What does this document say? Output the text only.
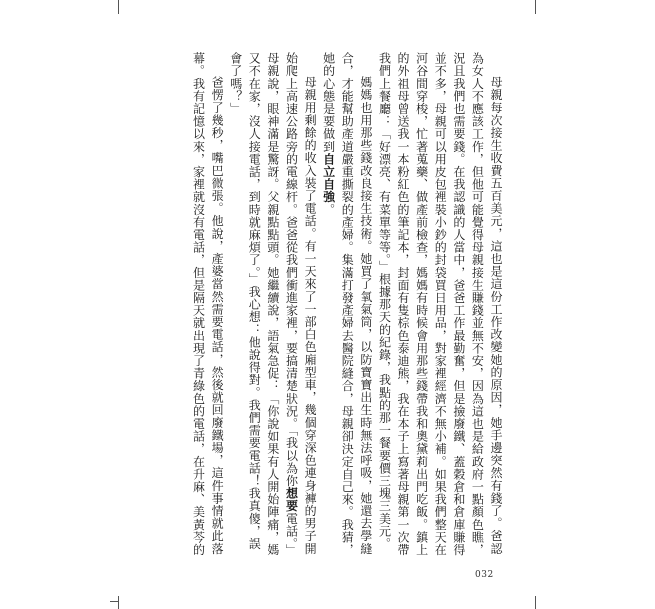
母親每次接生收費五百美元，這也是這份工作改變她的原因，她手邊突然有錢了。爸認為女人不應該工作，但他可能覺得母親接生賺錢並無不安，因為這也是給政府一點顏色瞧，況且我們也需要錢。在我認識的人當中，爸爸工作最勤奮，但是撿廢鐵、蓋穀倉和倉庫賺得並不多，母親可以用皮包裡裝小鈔的封袋買日用品，對家裡經濟不無小補。如果我們整天在河谷間穿梭，忙著蒐藥、做產前檢查，媽媽有時候會用那些錢帶我和奧黛莉出門吃飯。鎮上的外祖母曾送我一本粉紅色的筆記本，封面有隻棕色泰迪熊，我在本子上寫著母親第一次帶我們上餐廳：「好漂亮、有菜單等等。」根據那天的紀錄，我點的那一餐要價三塊三美元。

媽媽也用那些錢改良接生技術。她買了氧氣筒，以防寶寶出生時無法呼吸，她還去學縫合，才能幫助產道嚴重撕裂的產婦。集滿打發產婦去醫院縫合，母親卻決定自己來。我猜，她的心態是要做到自立自強。

母親用剩餘的收入裝了電話。有一天來了一部白色廂型車，幾個穿深色連身褲的男子開始爬上高速公路旁的電線杆。爸爸從我們衝進家裡，要搞清楚狀況。「我以為你想要電話。」母親說，眼神滿是驚訝。父親點點頭。她繼續說，語氣急促：「你說如果有人開始陣痛，媽又不在家，沒人接電話，到時就麻煩了。」我心想：他說得對。我們需要電話！我真傻，誤會了嗎？」

爸愣了幾秒，嘴巴微張。他說，產婆當然需要電話，然後就回廢鐵場，這件事情就此落幕。我有記憶以來，家裡就沒有電話，但是隔天就出現了青綠色的電話，在升麻、美黃芩的

032
